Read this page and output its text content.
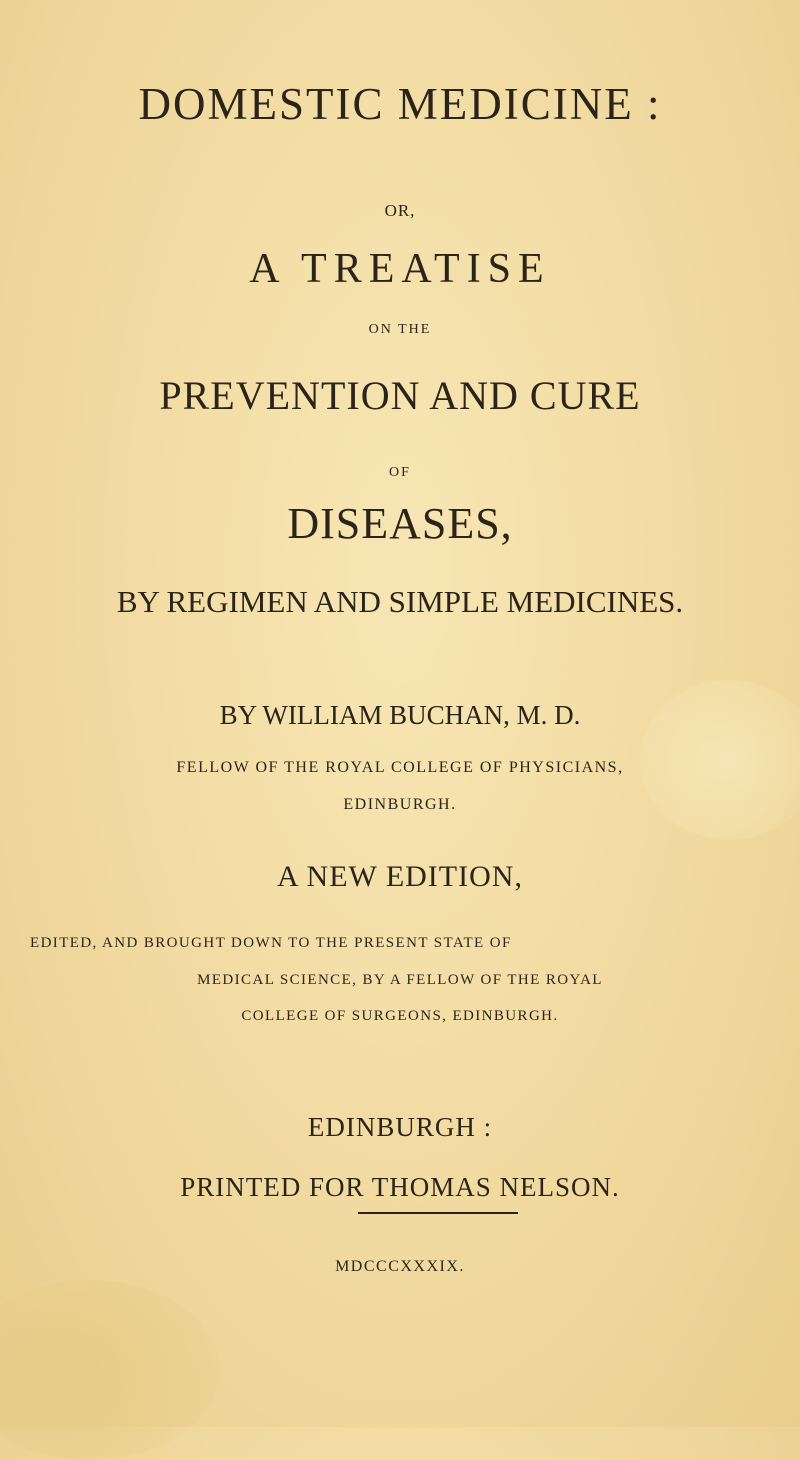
DOMESTIC MEDICINE :
OR,
A TREATISE
ON THE
PREVENTION AND CURE
OF
DISEASES,
BY REGIMEN AND SIMPLE MEDICINES.
BY WILLIAM BUCHAN, M. D.
FELLOW OF THE ROYAL COLLEGE OF PHYSICIANS,
EDINBURGH.
A NEW EDITION,
EDITED, AND BROUGHT DOWN TO THE PRESENT STATE OF
MEDICAL SCIENCE, BY A FELLOW OF THE ROYAL
COLLEGE OF SURGEONS, EDINBURGH.
EDINBURGH :
PRINTED FOR THOMAS NELSON.
MDCCCXXXIX.
